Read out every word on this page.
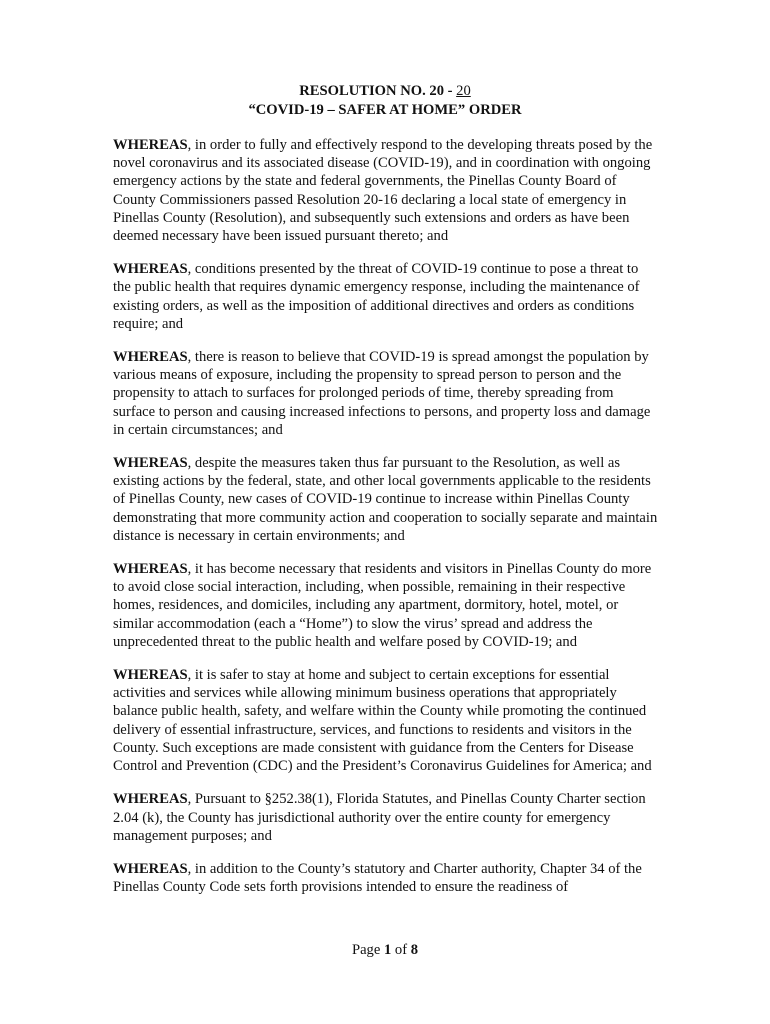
RESOLUTION NO. 20 - 20
“COVID-19 – SAFER AT HOME” ORDER

WHEREAS, in order to fully and effectively respond to the developing threats posed by the novel coronavirus and its associated disease (COVID-19), and in coordination with ongoing emergency actions by the state and federal governments, the Pinellas County Board of County Commissioners passed Resolution 20-16 declaring a local state of emergency in Pinellas County (Resolution), and subsequently such extensions and orders as have been deemed necessary have been issued pursuant thereto; and

WHEREAS, conditions presented by the threat of COVID-19 continue to pose a threat to the public health that requires dynamic emergency response, including the maintenance of existing orders, as well as the imposition of additional directives and orders as conditions require; and

WHEREAS, there is reason to believe that COVID-19 is spread amongst the population by various means of exposure, including the propensity to spread person to person and the propensity to attach to surfaces for prolonged periods of time, thereby spreading from surface to person and causing increased infections to persons, and property loss and damage in certain circumstances; and

WHEREAS, despite the measures taken thus far pursuant to the Resolution, as well as existing actions by the federal, state, and other local governments applicable to the residents of Pinellas County, new cases of COVID-19 continue to increase within Pinellas County demonstrating that more community action and cooperation to socially separate and maintain distance is necessary in certain environments; and

WHEREAS, it has become necessary that residents and visitors in Pinellas County do more to avoid close social interaction, including, when possible, remaining in their respective homes, residences, and domiciles, including any apartment, dormitory, hotel, motel, or similar accommodation (each a “Home”) to slow the virus’ spread and address the unprecedented threat to the public health and welfare posed by COVID-19; and

WHEREAS, it is safer to stay at home and subject to certain exceptions for essential activities and services while allowing minimum business operations that appropriately balance public health, safety, and welfare within the County while promoting the continued delivery of essential infrastructure, services, and functions to residents and visitors in the County. Such exceptions are made consistent with guidance from the Centers for Disease Control and Prevention (CDC) and the President’s Coronavirus Guidelines for America; and

WHEREAS, Pursuant to §252.38(1), Florida Statutes, and Pinellas County Charter section 2.04 (k), the County has jurisdictional authority over the entire county for emergency management purposes; and

WHEREAS, in addition to the County’s statutory and Charter authority, Chapter 34 of the Pinellas County Code sets forth provisions intended to ensure the readiness of

Page 1 of 8
